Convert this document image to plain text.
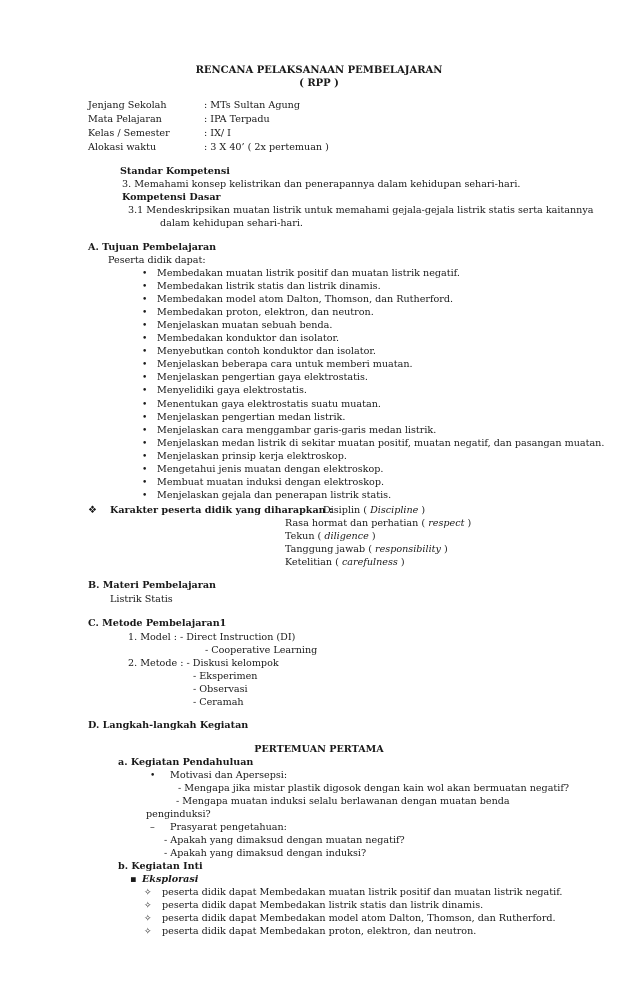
RENCANA PELAKSANAAN PEMBELAJARAN
( RPP )
Jenjang Sekolah	: MTs Sultan Agung
Mata Pelajaran	: IPA Terpadu
Kelas / Semester	: IX/ I
Alokasi waktu	: 3 X 40’ ( 2x pertemuan )
Standar Kompetensi
3. Memahami konsep kelistrikan dan penerapannya dalam kehidupan sehari-hari.
Kompetensi Dasar
3.1 Mendeskripsikan muatan listrik untuk memahami gejala-gejala listrik statis serta kaitannya
dalam kehidupan sehari-hari.
A. Tujuan Pembelajaran
Peserta didik dapat:
• Membedakan muatan listrik positif dan muatan listrik negatif.
• Membedakan listrik statis dan listrik dinamis.
• Membedakan model atom Dalton, Thomson, dan Rutherford.
• Membedakan proton, elektron, dan neutron.
• Menjelaskan muatan sebuah benda.
• Membedakan konduktor dan isolator.
• Menyebutkan contoh konduktor dan isolator.
• Menjelaskan beberapa cara untuk memberi muatan.
• Menjelaskan pengertian gaya elektrostatis.
• Menyelidiki gaya elektrostatis.
• Menentukan gaya elektrostatis suatu muatan.
• Menjelaskan pengertian medan listrik.
• Menjelaskan cara menggambar garis-garis medan listrik.
• Menjelaskan medan listrik di sekitar muatan positif, muatan negatif, dan pasangan muatan.
• Menjelaskan prinsip kerja elektroskop.
• Mengetahui jenis muatan dengan elektroskop.
• Membuat muatan induksi dengan elektroskop.
• Menjelaskan gejala dan penerapan listrik statis.
❖ Karakter peserta didik yang diharapkan :
Disiplin ( Discipline )
Rasa hormat dan perhatian ( respect )
Tekun ( diligence )
Tanggung jawab ( responsibility )
Ketelitian ( carefulness )
B. Materi Pembelajaran
Listrik Statis
C. Metode Pembelajaran1
1. Model : - Direct Instruction (DI)
- Cooperative Learning
2. Metode : - Diskusi kelompok
- Eksperimen
- Observasi
- Ceramah
D. Langkah-langkah Kegiatan
PERTEMUAN PERTAMA
a. Kegiatan Pendahuluan
• Motivasi dan Apersepsi:
- Mengapa jika mistar plastik digosok dengan kain wol akan bermuatan negatif?
- Mengapa muatan induksi selalu berlawanan dengan muatan benda
penginduksi?
– Prasyarat pengetahuan:
- Apakah yang dimaksud dengan muatan negatif?
- Apakah yang dimaksud dengan induksi?
b. Kegiatan Inti
▪ Eksplorasi
✧ peserta didik dapat Membedakan muatan listrik positif dan muatan listrik negatif.
✧ peserta didik dapat Membedakan listrik statis dan listrik dinamis.
✧ peserta didik dapat Membedakan model atom Dalton, Thomson, dan Rutherford.
✧ peserta didik dapat Membedakan proton, elektron, dan neutron.
